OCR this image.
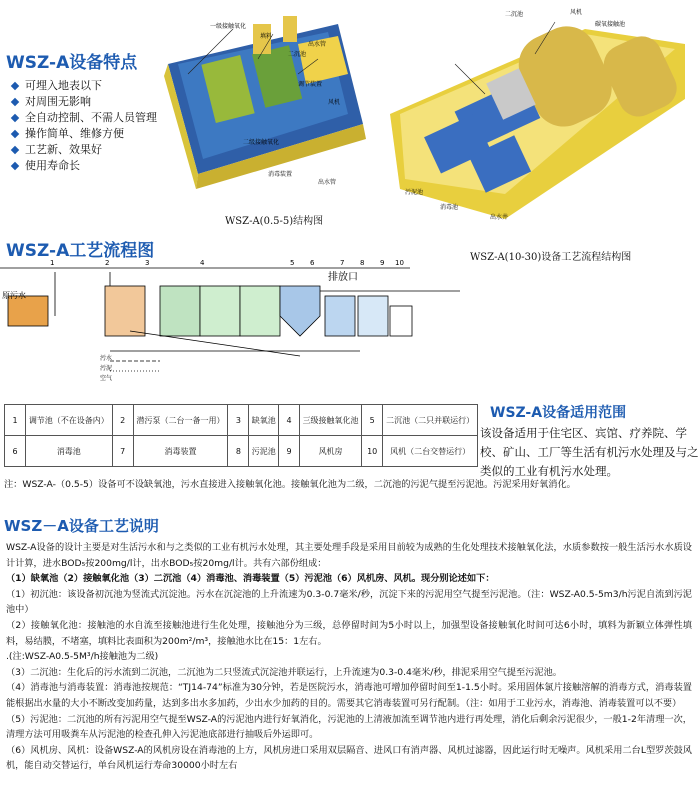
WSZ-A设备特点
可埋入地表以下
对周围无影响
全自动控制、不需人员管理
操作简单、维修方便
工艺新、效果好
使用寿命长
一级接触氧化
填料
出水管
二沉池
调节装置
风机
二级接触氧化
消毒装置
出水管
WSZ-A(0.5-5)结构图
二沉池	风机
碳氧接触池
污泥池
消毒池
出水井
WSZ-A(10-30)设备工艺流程结构图
WSZ-A工艺流程图
污水
污泥
空气
原污水
排放口
1	2	3	4	5 6	7 8 9 10
1	调节池（不在设备内）	2	潜污泵（二台一备一用）	3	缺氧池	4	三级接触氧化池	5	二沉池（二只并联运行）
6	消毒池	7	消毒装置	8	污泥池	9	风机房	10	风机（二台交替运行）
注：WSZ-A-（0.5-5）设备可不设缺氧池，污水直接进入接触氧化池。接触氧化池为二级，二沉池的污泥气提至污泥池。污泥采用好氧消化。
WSZ-A设备适用范围
该设备适用于住宅区、宾馆、疗养院、学校、矿山、工厂等生活有机污水处理及与之类似的工业有机污水处理。
WSZ－A设备工艺说明

WSZ-A设备的设计主要是对生活污水和与之类似的工业有机污水处理，其主要处理手段是采用目前较为成熟的生化处理技术接触氧化法，水质参数按一般生活污水水质设计计算，进水BOD₅按200mg/l计，出水BOD₅按20mg/l计。共有六部份组成：

（1）缺氧池（2）接触氧化池（3）二沉池（4）消毒池、消毒装置（5）污泥池（6）风机房、风机。现分别论述如下：

（1）初沉池：该设备初沉池为竖流式沉淀池。污水在沉淀池的上升流速为0.3-0.7毫米/秒，沉淀下来的污泥用空气提至污泥池。（注：WSZ-A0.5-5m3/h污泥自流到污泥池中）

（2）接触氧化池：接触池的水自流至接触池进行生化处理，接触池分为三级，总停留时间为5小时以上，加强型设备接触氧化时间可达6小时，填料为新颖立体弹性填料，易结膜，不堵塞，填料比表面积为200m²/m³，接触池水比在15：1左右。

.(注:WSZ-A0.5-5M³/h接触池为二级)

（3）二沉池：生化后的污水流到二沉池，二沉池为二只竖流式沉淀池并联运行，上升流速为0.3-0.4毫米/秒，排泥采用空气提至污泥池。

（4）消毒池与消毒装置：消毒池按规范：“TJ14-74”标准为30分钟，若是医院污水，消毒池可增加停留时间至1-1.5小时。采用固体氯片接触溶解的消毒方式，消毒装置能根据出水量的大小不断改变加药量，达到多出水多加药，少出水少加药的目的。需要其它消毒装置可另行配制。（注：如用于工业污水，消毒池、消毒装置可以不要）

（5）污泥池：二沉池的所有污泥用空气提至WSZ-A的污泥池内进行好氧消化，污泥池的上清液加流至调节池内进行再处理，消化后剩余污泥很少，一般1-2年清理一次，清理方法可用吸粪车从污泥池的检查孔伸入污泥池底部进行抽吸后外运即可。

（6）风机房、风机：设备WSZ-A的风机房设在消毒池的上方，风机房进口采用双层隔音、进风口有消声器、风机过滤器，因此运行时无噪声。风机采用二台L型罗茨鼓风机，能自动交替运行，单台风机运行寿命30000小时左右
